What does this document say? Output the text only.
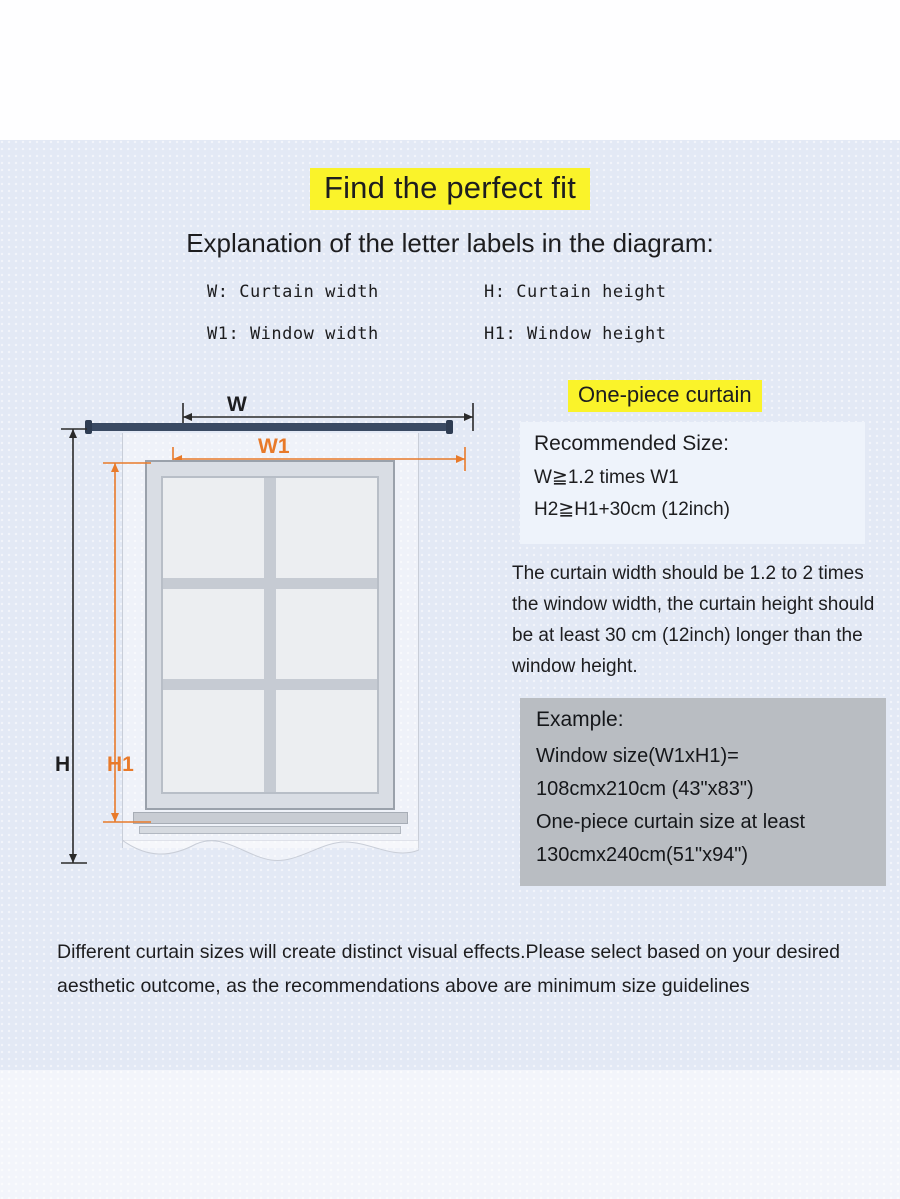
Find the perfect fit
Explanation of the letter labels in the diagram:
W: Curtain width	H: Curtain height
W1: Window width	H1: Window height
W
W1
H H1
One-piece curtain
Recommended Size:
W≧1.2 times W1
H2≧H1+30cm (12inch)
The curtain width should be 1.2 to 2 times the window width, the curtain height should be at least 30 cm (12inch) longer than the window height.
Example:
Window size(W1xH1)=
108cmx210cm (43"x83")
One-piece curtain size at least
130cmx240cm(51"x94")
Different curtain sizes will create distinct visual effects.Please select based on your desired aesthetic outcome, as the recommendations above are minimum size guidelines
